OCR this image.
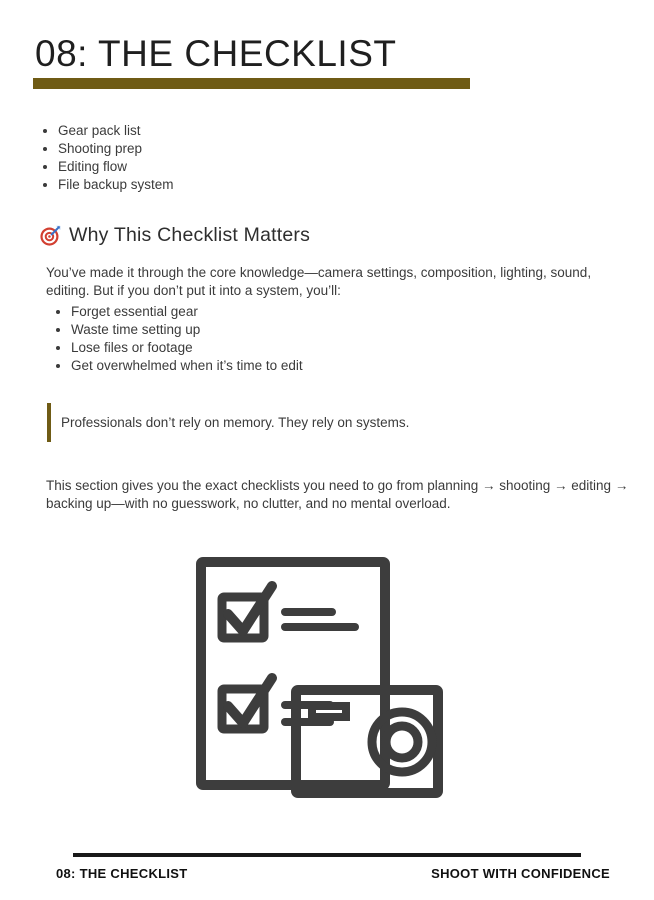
08: THE CHECKLIST
• Gear pack list
• Shooting prep
• Editing flow
• File backup system
Why This Checklist Matters

You’ve made it through the core knowledge—camera settings, composition, lighting, sound, editing. But if you don’t put it into a system, you’ll:

• Forget essential gear
• Waste time setting up
• Lose files or footage
• Get overwhelmed when it’s time to edit
Professionals don’t rely on memory. They rely on systems.

This section gives you the exact checklists you need to go from planning → shooting → editing → backing up—with no guesswork, no clutter, and no mental overload.

08: THE CHECKLIST	SHOOT WITH CONFIDENCE
